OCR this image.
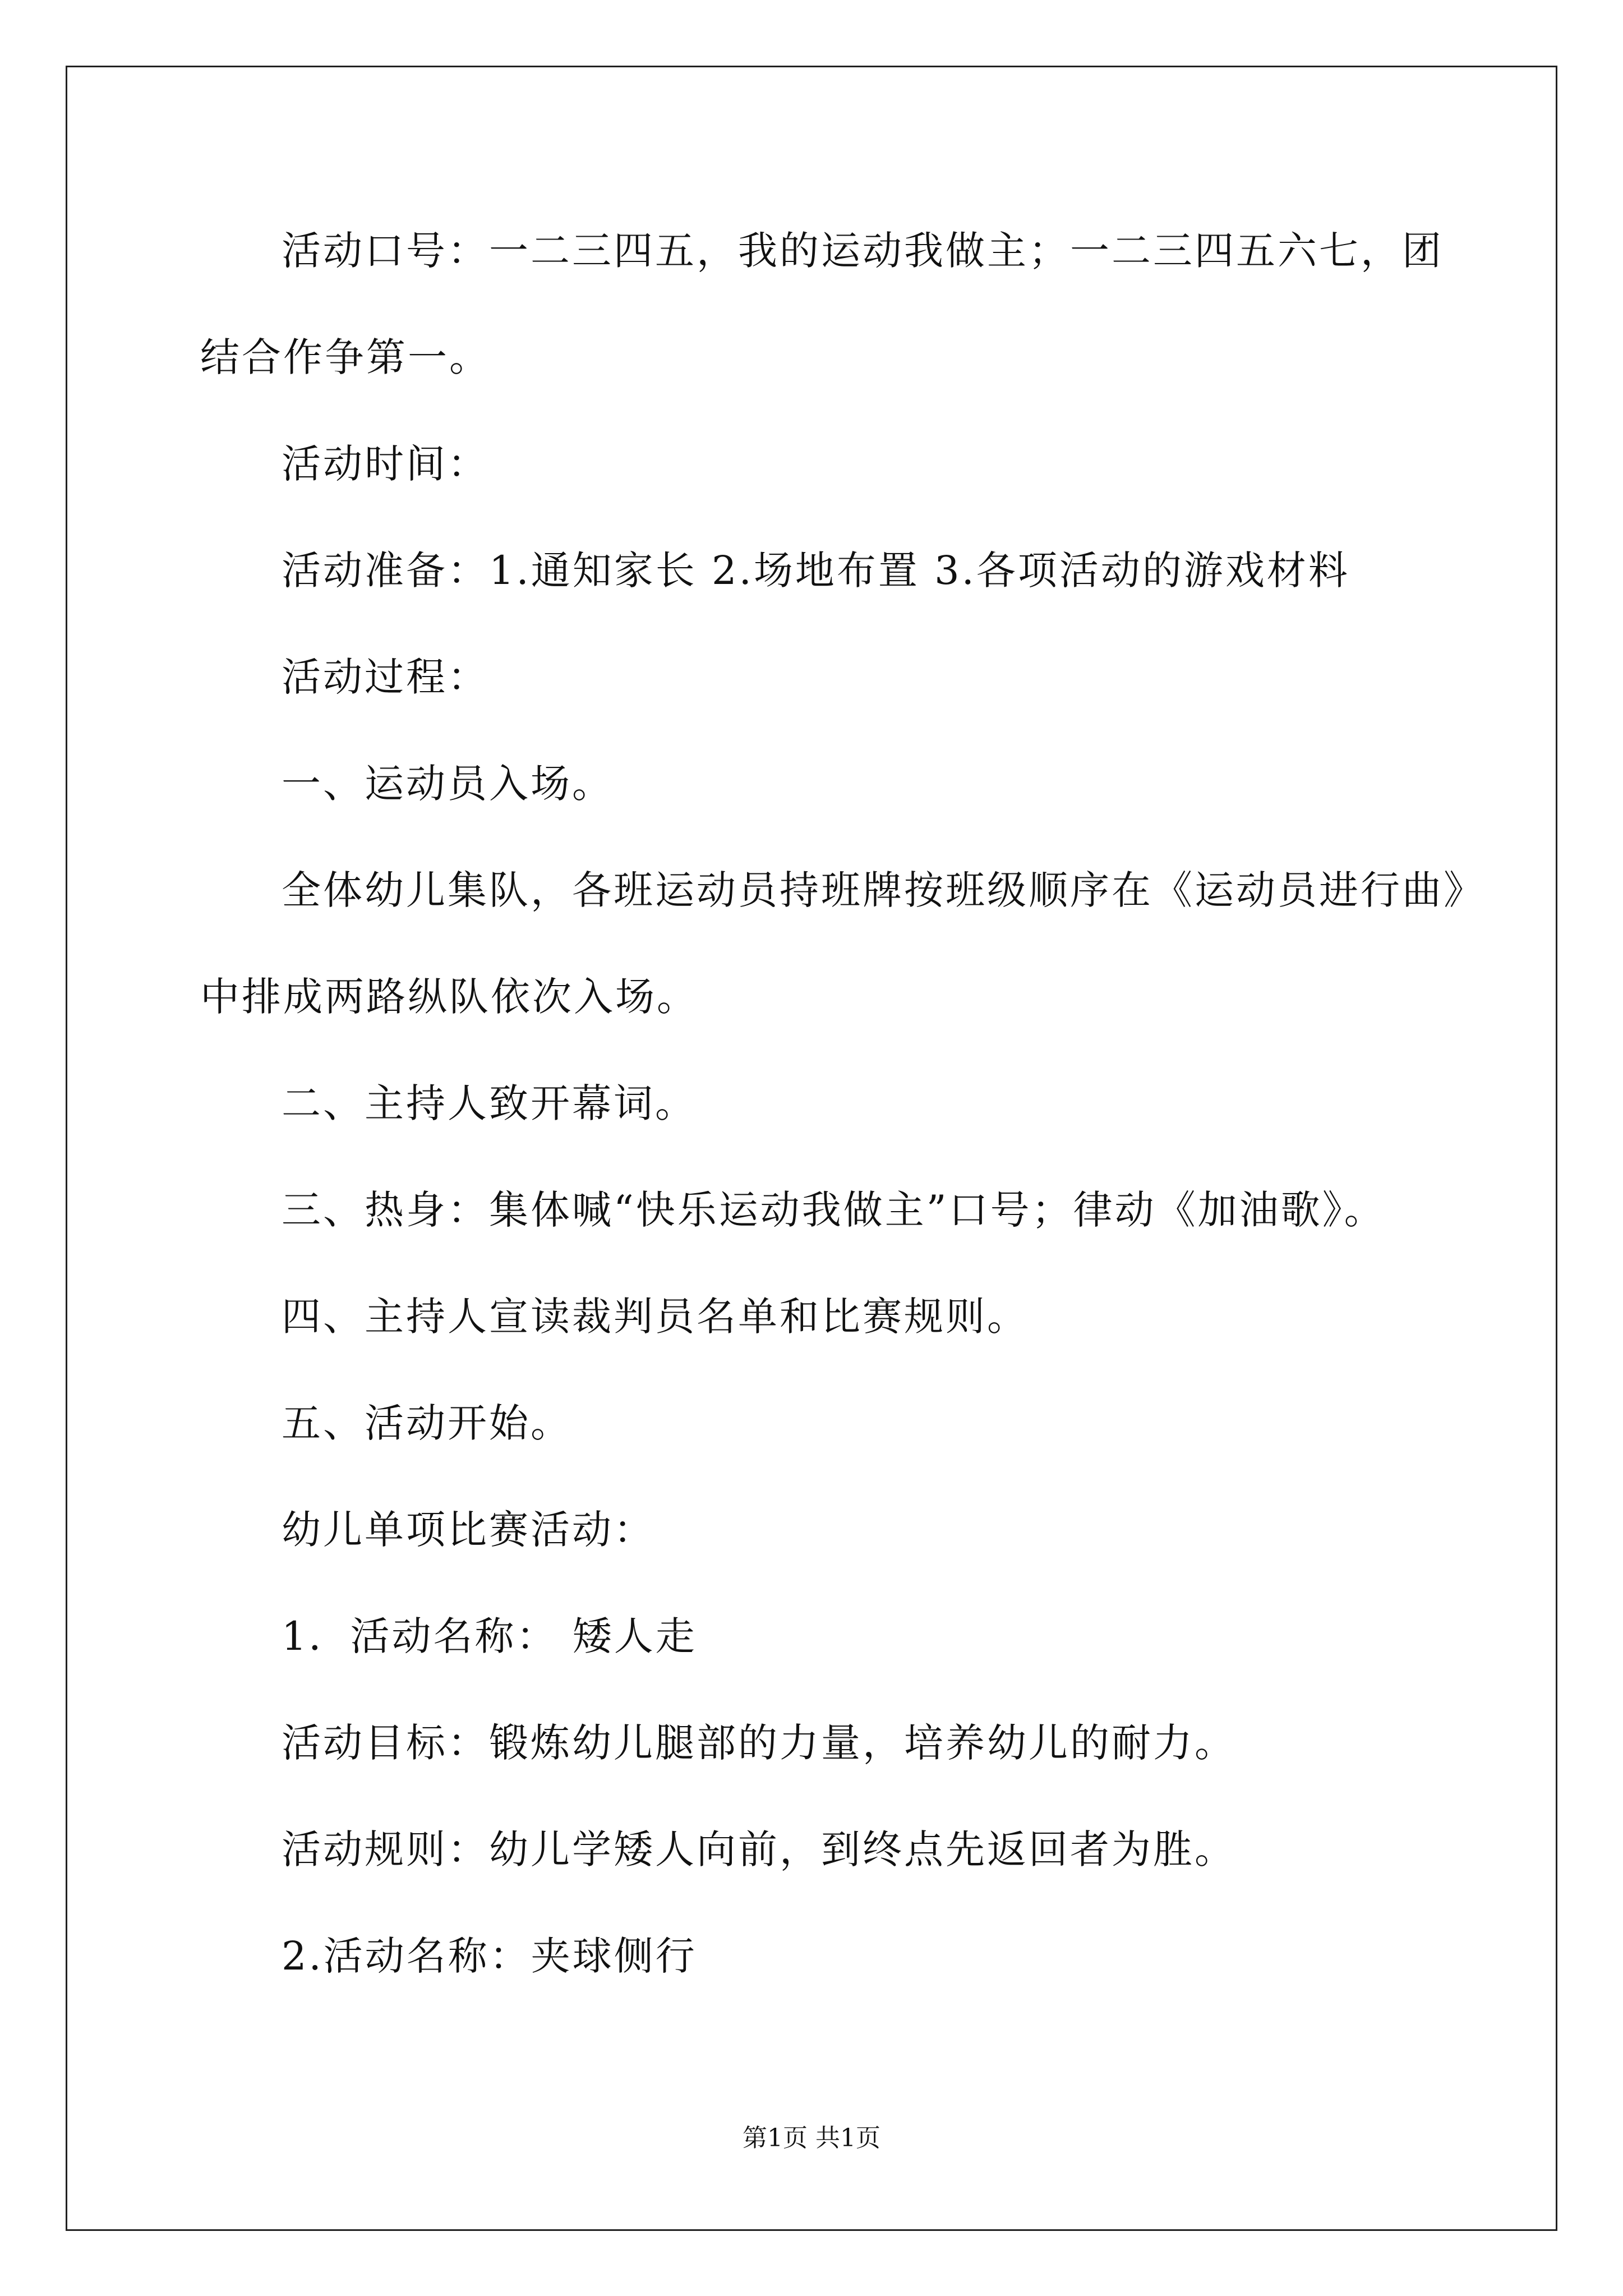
活动口号：一二三四五，我的运动我做主；一二三四五六七，团
结合作争第一。
活动时间：
活动准备：1.通知家长 2.场地布置 3.各项活动的游戏材料
活动过程：
一、运动员入场。
全体幼儿集队，各班运动员持班牌按班级顺序在《运动员进行曲》
中排成两路纵队依次入场。
二、主持人致开幕词。
三、热身：集体喊“快乐运动我做主”口号；律动《加油歌》。
四、主持人宣读裁判员名单和比赛规则。
五、活动开始。
幼儿单项比赛活动：
1．活动名称： 矮人走
活动目标：锻炼幼儿腿部的力量，培养幼儿的耐力。
活动规则：幼儿学矮人向前，到终点先返回者为胜。
2.活动名称：夹球侧行
第1页 共1页
